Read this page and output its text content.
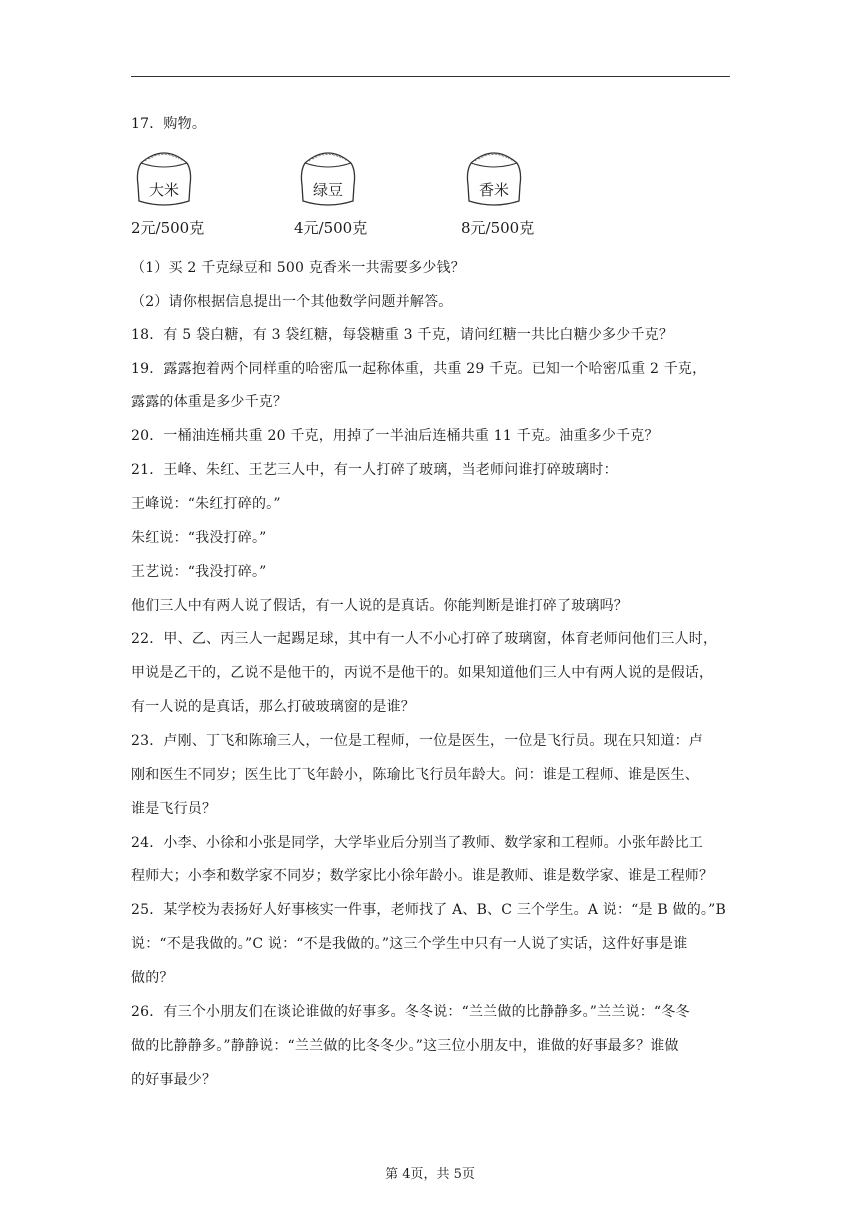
17．购物。
大米	绿豆	香米
2元/500克	4元/500克	8元/500克
（1）买 2 千克绿豆和 500 克香米一共需要多少钱？
（2）请你根据信息提出一个其他数学问题并解答。
18．有 5 袋白糖，有 3 袋红糖，每袋糖重 3 千克，请问红糖一共比白糖少多少千克？
19．露露抱着两个同样重的哈密瓜一起称体重，共重 29 千克。已知一个哈密瓜重 2 千克，
露露的体重是多少千克？
20．一桶油连桶共重 20 千克，用掉了一半油后连桶共重 11 千克。油重多少千克？
21．王峰、朱红、王艺三人中，有一人打碎了玻璃，当老师问谁打碎玻璃时：
王峰说：“朱红打碎的。”
朱红说：“我没打碎。”
王艺说：“我没打碎。”
他们三人中有两人说了假话，有一人说的是真话。你能判断是谁打碎了玻璃吗？
22．甲、乙、丙三人一起踢足球，其中有一人不小心打碎了玻璃窗，体育老师问他们三人时，
甲说是乙干的，乙说不是他干的，丙说不是他干的。如果知道他们三人中有两人说的是假话，
有一人说的是真话，那么打破玻璃窗的是谁？
23．卢刚、丁飞和陈瑜三人，一位是工程师，一位是医生，一位是飞行员。现在只知道：卢
刚和医生不同岁；医生比丁飞年龄小，陈瑜比飞行员年龄大。问：谁是工程师、谁是医生、
谁是飞行员？
24．小李、小徐和小张是同学，大学毕业后分别当了教师、数学家和工程师。小张年龄比工
程师大；小李和数学家不同岁；数学家比小徐年龄小。谁是教师、谁是数学家、谁是工程师？
25．某学校为表扬好人好事核实一件事，老师找了 A、B、C 三个学生。A 说：“是 B 做的。”B
说：“不是我做的。”C 说：“不是我做的。”这三个学生中只有一人说了实话，这件好事是谁
做的？
26．有三个小朋友们在谈论谁做的好事多。冬冬说：“兰兰做的比静静多。”兰兰说：“冬冬
做的比静静多。”静静说：“兰兰做的比冬冬少。”这三位小朋友中，谁做的好事最多？谁做
的好事最少？
第 4页，共 5页
